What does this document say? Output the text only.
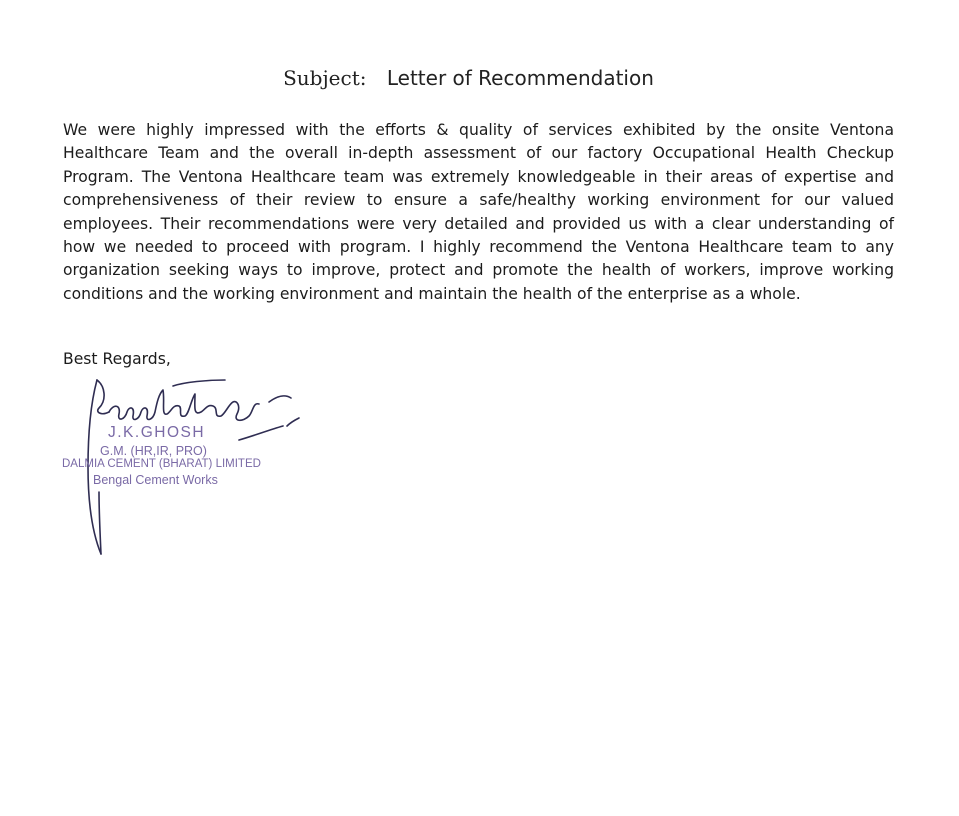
Subject: Letter of Recommendation

We were highly impressed with the efforts & quality of services exhibited by the onsite Ventona Healthcare Team and the overall in-depth assessment of our factory Occupational Health Checkup Program. The Ventona Healthcare team was extremely knowledgeable in their areas of expertise and comprehensiveness of their review to ensure a safe/healthy working environment for our valued employees. Their recommendations were very detailed and provided us with a clear understanding of how we needed to proceed with program. I highly recommend the Ventona Healthcare team to any organization seeking ways to improve, protect and promote the health of workers, improve working conditions and the working environment and maintain the health of the enterprise as a whole.

Best Regards,
J.K.GHOSH
G.M. (HR,IR, PRO)
DALMIA CEMENT (BHARAT) LIMITED
Bengal Cement Works
